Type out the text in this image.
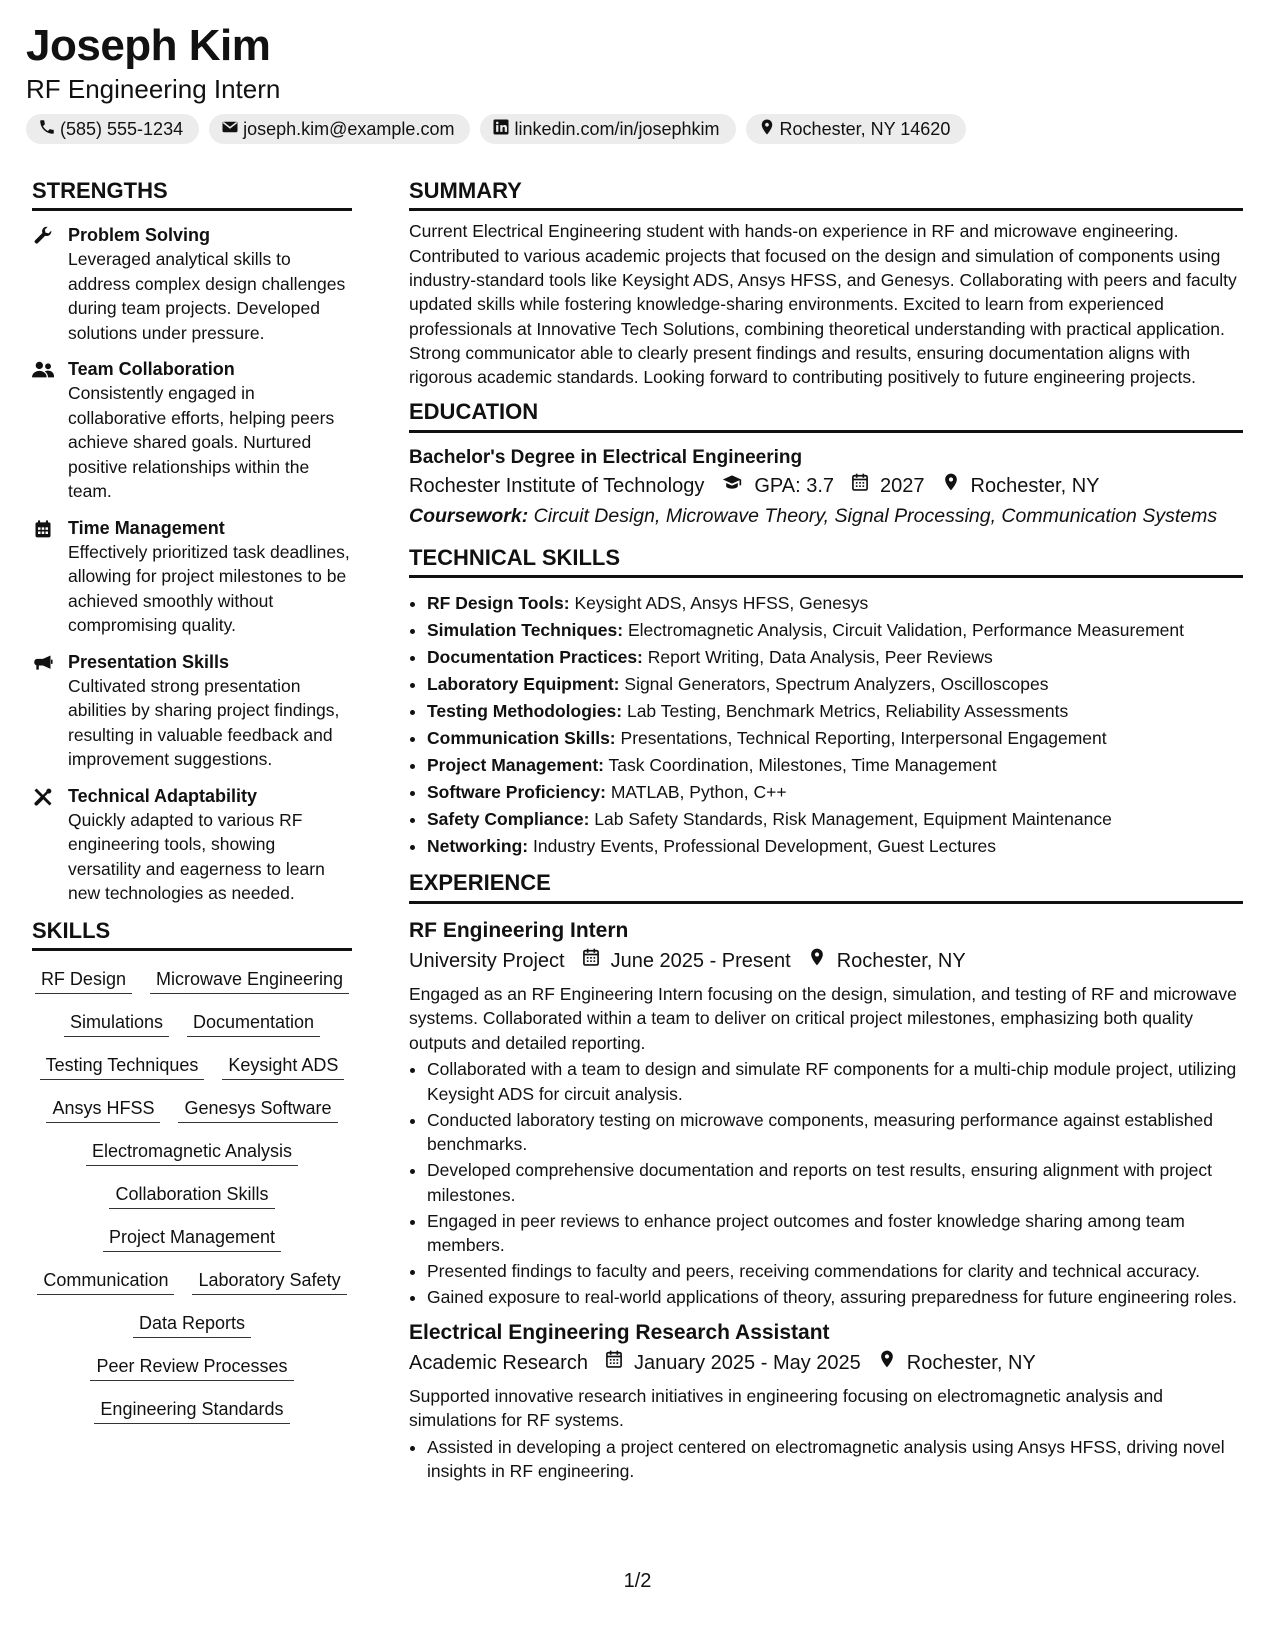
Joseph Kim
RF Engineering Intern
(585) 555-1234	joseph.kim@example.com	linkedin.com/in/josephkim	Rochester, NY 14620
STRENGTHS
Problem Solving
Leveraged analytical skills to address complex design challenges during team projects. Developed solutions under pressure.
Team Collaboration
Consistently engaged in collaborative efforts, helping peers achieve shared goals. Nurtured positive relationships within the team.
Time Management
Effectively prioritized task deadlines, allowing for project milestones to be achieved smoothly without compromising quality.
Presentation Skills
Cultivated strong presentation abilities by sharing project findings, resulting in valuable feedback and improvement suggestions.
Technical Adaptability
Quickly adapted to various RF engineering tools, showing versatility and eagerness to learn new technologies as needed.
SKILLS
RF Design	Microwave Engineering
Simulations	Documentation
Testing Techniques	Keysight ADS
Ansys HFSS	Genesys Software
Electromagnetic Analysis
Collaboration Skills
Project Management
Communication	Laboratory Safety
Data Reports
Peer Review Processes
Engineering Standards
SUMMARY
Current Electrical Engineering student with hands-on experience in RF and microwave engineering. Contributed to various academic projects that focused on the design and simulation of components using industry-standard tools like Keysight ADS, Ansys HFSS, and Genesys. Collaborating with peers and faculty updated skills while fostering knowledge-sharing environments. Excited to learn from experienced professionals at Innovative Tech Solutions, combining theoretical understanding with practical application. Strong communicator able to clearly present findings and results, ensuring documentation aligns with rigorous academic standards. Looking forward to contributing positively to future engineering projects.
EDUCATION
Bachelor's Degree in Electrical Engineering
Rochester Institute of Technology	GPA: 3.7 2027 Rochester, NY
Coursework: Circuit Design, Microwave Theory, Signal Processing, Communication Systems
TECHNICAL SKILLS
• RF Design Tools: Keysight ADS, Ansys HFSS, Genesys
• Simulation Techniques: Electromagnetic Analysis, Circuit Validation, Performance Measurement
• Documentation Practices: Report Writing, Data Analysis, Peer Reviews
• Laboratory Equipment: Signal Generators, Spectrum Analyzers, Oscilloscopes
• Testing Methodologies: Lab Testing, Benchmark Metrics, Reliability Assessments
• Communication Skills: Presentations, Technical Reporting, Interpersonal Engagement
• Project Management: Task Coordination, Milestones, Time Management
• Software Proficiency: MATLAB, Python, C++
• Safety Compliance: Lab Safety Standards, Risk Management, Equipment Maintenance
• Networking: Industry Events, Professional Development, Guest Lectures
EXPERIENCE
RF Engineering Intern
University Project June 2025 - Present Rochester, NY
Engaged as an RF Engineering Intern focusing on the design, simulation, and testing of RF and microwave systems. Collaborated within a team to deliver on critical project milestones, emphasizing both quality outputs and detailed reporting.
• Collaborated with a team to design and simulate RF components for a multi-chip module project, utilizing Keysight ADS for circuit analysis.
• Conducted laboratory testing on microwave components, measuring performance against established benchmarks.
• Developed comprehensive documentation and reports on test results, ensuring alignment with project milestones.
• Engaged in peer reviews to enhance project outcomes and foster knowledge sharing among team members.
• Presented findings to faculty and peers, receiving commendations for clarity and technical accuracy.
• Gained exposure to real-world applications of theory, assuring preparedness for future engineering roles.
Electrical Engineering Research Assistant
Academic Research January 2025 - May 2025 Rochester, NY
Supported innovative research initiatives in engineering focusing on electromagnetic analysis and simulations for RF systems.
• Assisted in developing a project centered on electromagnetic analysis using Ansys HFSS, driving novel insights in RF engineering.
1/2
